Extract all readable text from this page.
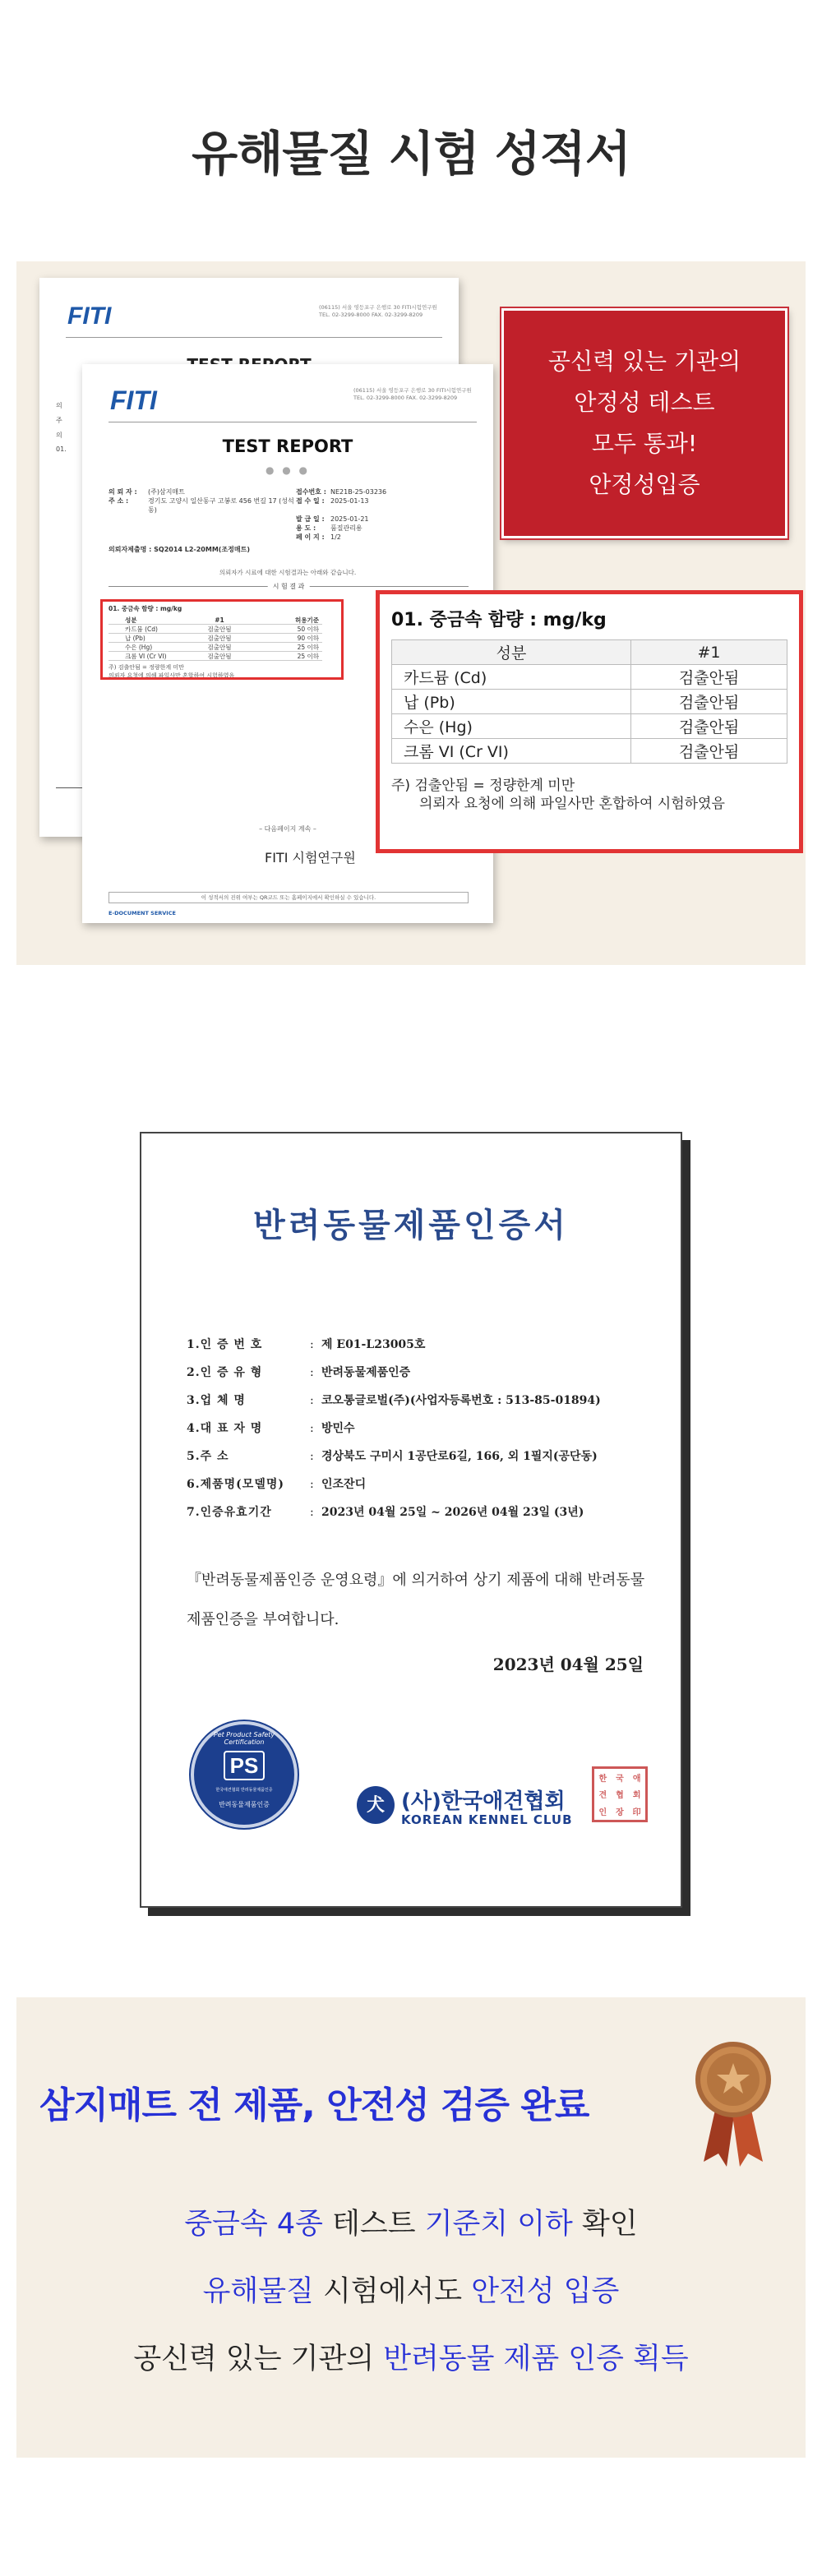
유해물질 시험 성적서
FITI	(06115) 서울 영등포구 은행로 30 FITI시험연구원 TEL. 02-3299-8000 FAX. 02-3299-8209
의
주
의
01.
FITI	(06115) 서울 영등포구 은행로 30 FITI시험연구원 TEL. 02-3299-8000 FAX. 02-3299-8209
TEST REPORT
● ● ●
의 뢰 자 :	(주)삼지매트	접수번호 : NE21B-25-03236
주 소 :	경기도 고양시 일산동구 고봉로 456 번길 17 (성석동)
접 수 일 : 2025-01-13
발 급 일 : 2025-01-21
용 도 :	품질관리용
페 이 지 : 1/2
의뢰자제출명 : SQ2014 L2-20MM(조정매트)
의뢰자가 시료에 대한 시험결과는 아래와 같습니다.
시 험 결 과
01. 중금속 함량 : mg/kg
성분	#1	허용기준
카드뮴 (Cd)	검출안됨	50 이하
납 (Pb)	검출안됨	90 이하
수은 (Hg)	검출안됨	25 이하
크롬 VI (Cr VI)	검출안됨	25 이하
주) 검출안됨 = 정량한계 미만
의뢰자 요청에 의해 파일사만 혼합하여 시험하였음
– 다음페이지 계속 –
FITI 시험연구원
이 성적서의 진위 여부는 QR코드 또는 홈페이지에서 확인하실 수 있습니다.
E-DOCUMENT SERVICE
공신력 있는 기관의
안정성 테스트
모두 통과!
안정성입증
01. 중금속 함량 : mg/kg
성분	#1
카드뮴 (Cd)	검출안됨
납 (Pb)	검출안됨
수은 (Hg)	검출안됨
크롬 VI (Cr VI)	검출안됨
주) 검출안됨 = 정량한계 미만
의뢰자 요청에 의해 파일사만 혼합하여 시험하였음
반려동물제품인증서
1.인 증 번 호	: 제 E01-L23005호
2.인 증 유 형	: 반려동물제품인증
3.업 체 명	: 코오통글로벌(주)(사업자등록번호 : 513-85-01894)
4.대 표 자 명	: 방민수
5.주 소	: 경상북도 구미시 1공단로6길, 166, 외 1필지(공단동)
6.제품명(모델명)	: 인조잔디
7.인증유효기간	: 2023년 04월 25일 ~ 2026년 04월 23일 (3년)
『반려동물제품인증 운영요령』에 의거하여 상기 제품에 대해 반려동물제품인증을 부여합니다.
2023년 04월 25일
Pet Product Safety Certification
PS
한국애견협회 반려동물제품인증
반려동물제품인증	犬 (사)한국애견협회
KOREAN KENNEL CLUB
한	국	애
견	협	회
인	장	印
삼지매트 전 제품, 안전성 검증 완료
중금속 4종 테스트 기준치 이하 확인
유해물질 시험에서도 안전성 입증
공신력 있는 기관의 반려동물 제품 인증 획득
